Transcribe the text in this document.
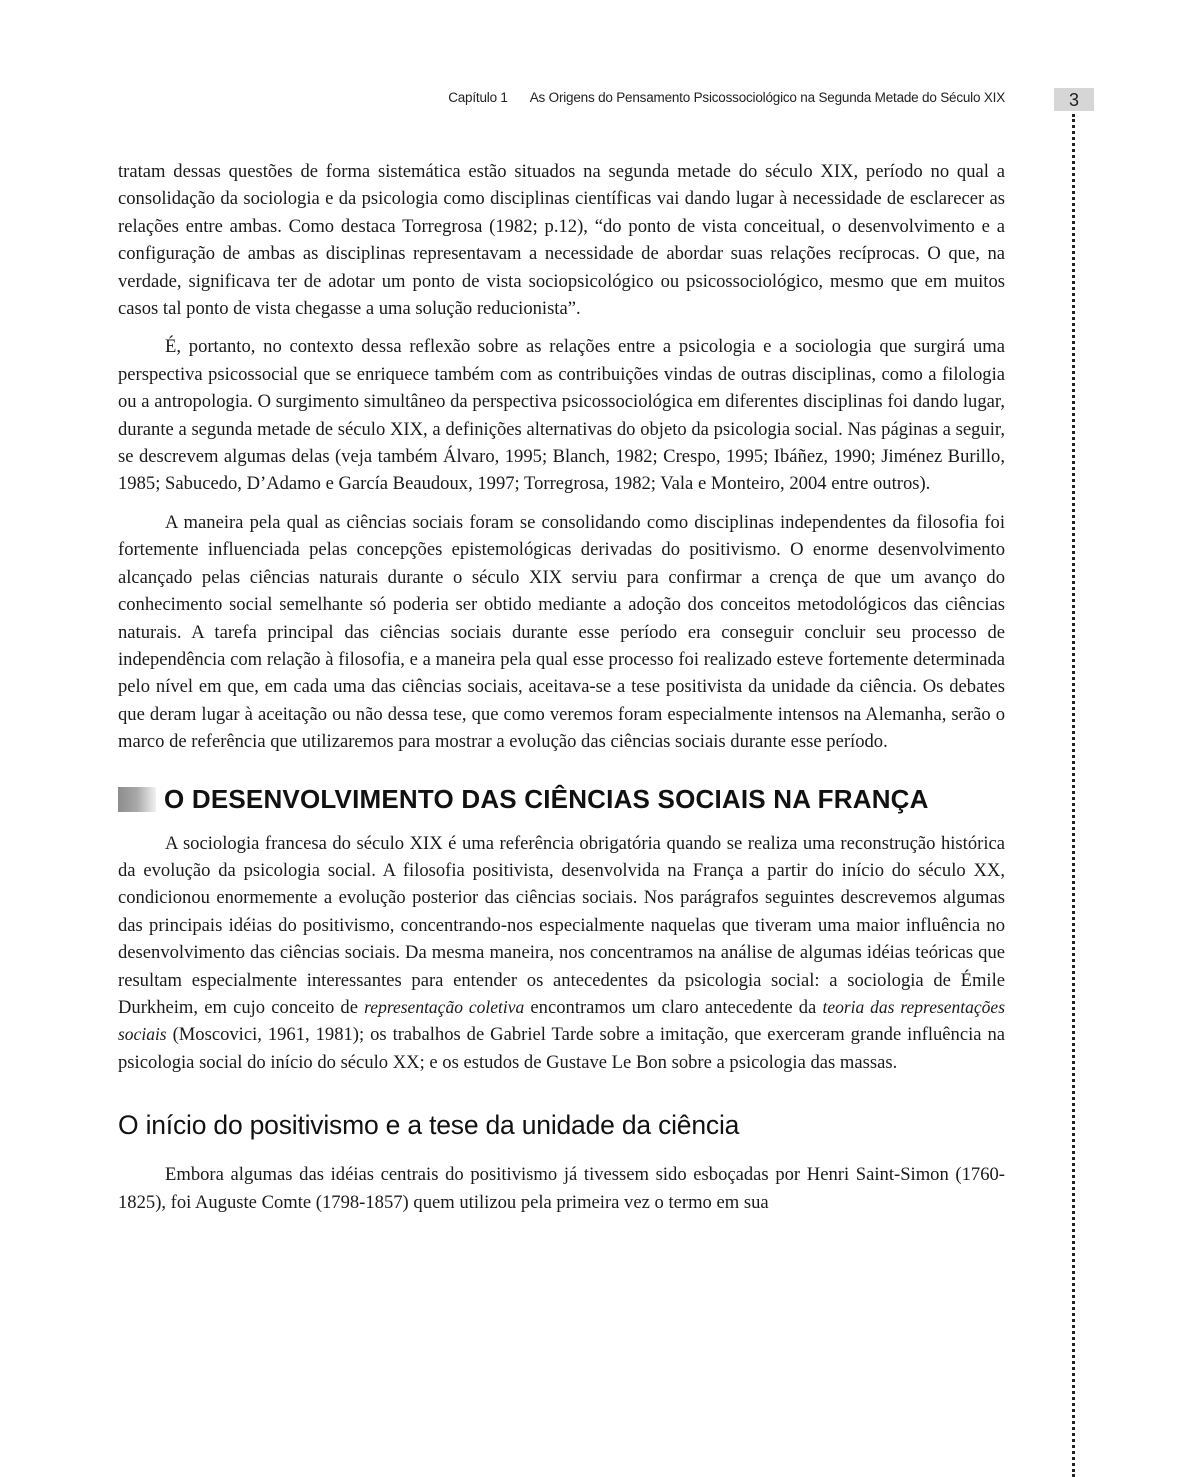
Capítulo 1 As Origens do Pensamento Psicossociológico na Segunda Metade do Século XIX	3

tratam dessas questões de forma sistemática estão situados na segunda metade do século XIX, período no qual a consolidação da sociologia e da psicologia como disciplinas científicas vai dando lugar à necessidade de esclarecer as relações entre ambas. Como destaca Torregrosa (1982; p.12), “do ponto de vista conceitual, o desenvolvimento e a configuração de ambas as disciplinas representavam a necessidade de abordar suas relações recíprocas. O que, na verdade, significava ter de adotar um ponto de vista sociopsicológico ou psicossociológico, mesmo que em muitos casos tal ponto de vista chegasse a uma solução reducionista”.

É, portanto, no contexto dessa reflexão sobre as relações entre a psicologia e a sociologia que surgirá uma perspectiva psicossocial que se enriquece também com as contribuições vindas de outras disciplinas, como a filologia ou a antropologia. O surgimento simultâneo da perspectiva psicossociológica em diferentes disciplinas foi dando lugar, durante a segunda metade de século XIX, a definições alternativas do objeto da psicologia social. Nas páginas a seguir, se descrevem algumas delas (veja também Álvaro, 1995; Blanch, 1982; Crespo, 1995; Ibáñez, 1990; Jiménez Burillo, 1985; Sabucedo, D’Adamo e García Beaudoux, 1997; Torregrosa, 1982; Vala e Monteiro, 2004 entre outros).

A maneira pela qual as ciências sociais foram se consolidando como disciplinas independentes da filosofia foi fortemente influenciada pelas concepções epistemológicas derivadas do positivismo. O enorme desenvolvimento alcançado pelas ciências naturais durante o século XIX serviu para confirmar a crença de que um avanço do conhecimento social semelhante só poderia ser obtido mediante a adoção dos conceitos metodológicos das ciências naturais. A tarefa principal das ciências sociais durante esse período era conseguir concluir seu processo de independência com relação à filosofia, e a maneira pela qual esse processo foi realizado esteve fortemente determinada pelo nível em que, em cada uma das ciências sociais, aceitava-se a tese positivista da unidade da ciência. Os debates que deram lugar à aceitação ou não dessa tese, que como veremos foram especialmente intensos na Alemanha, serão o marco de referência que utilizaremos para mostrar a evolução das ciências sociais durante esse período.

O DESENVOLVIMENTO DAS CIÊNCIAS SOCIAIS NA FRANÇA

A sociologia francesa do século XIX é uma referência obrigatória quando se realiza uma reconstrução histórica da evolução da psicologia social. A filosofia positivista, desenvolvida na França a partir do início do século XX, condicionou enormemente a evolução posterior das ciências sociais. Nos parágrafos seguintes descrevemos algumas das principais idéias do positivismo, concentrando-nos especialmente naquelas que tiveram uma maior influência no desenvolvimento das ciências sociais. Da mesma maneira, nos concentramos na análise de algumas idéias teóricas que resultam especialmente interessantes para entender os antecedentes da psicologia social: a sociologia de Émile Durkheim, em cujo conceito de representação coletiva encontramos um claro antecedente da teoria das representações sociais (Moscovici, 1961, 1981); os trabalhos de Gabriel Tarde sobre a imitação, que exerceram grande influência na psicologia social do início do século XX; e os estudos de Gustave Le Bon sobre a psicologia das massas.

O início do positivismo e a tese da unidade da ciência

Embora algumas das idéias centrais do positivismo já tivessem sido esboçadas por Henri Saint-Simon (1760-1825), foi Auguste Comte (1798-1857) quem utilizou pela primeira vez o termo em sua
